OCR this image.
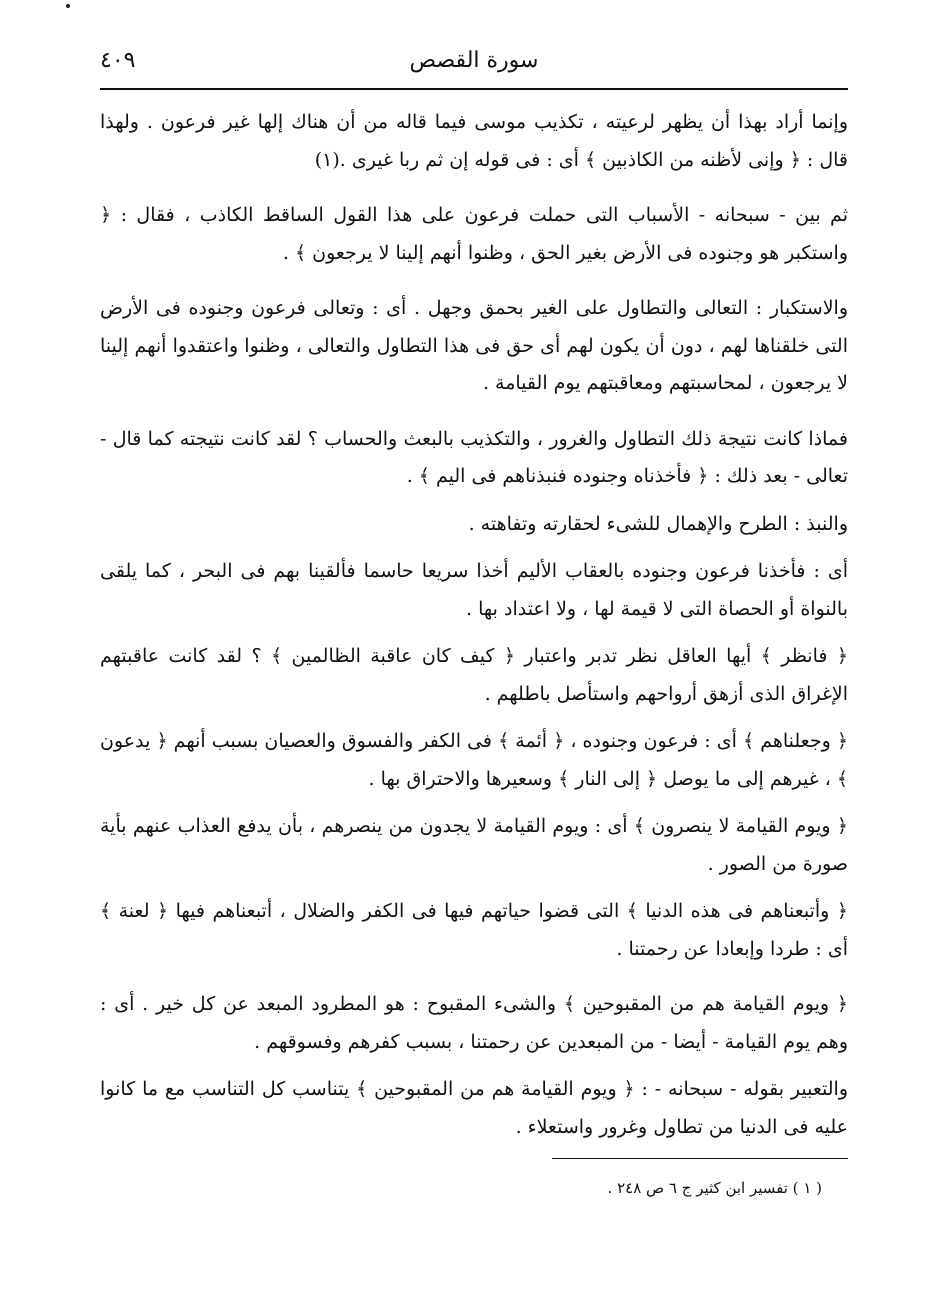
٤٠٩	سورة القصص

وإنما أراد بهذا أن يظهر لرعيته ، تكذيب موسى فيما قاله من أن هناك إلها غير فرعون . ولهذا قال : ﴿ وإنى لأظنه من الكاذبين ﴾ أى : فى قوله إن ثم ربا غيرى .(١)

ثم بين - سبحانه - الأسباب التى حملت فرعون على هذا القول الساقط الكاذب ، فقال : ﴿ واستكبر هو وجنوده فى الأرض بغير الحق ، وظنوا أنهم إلينا لا يرجعون ﴾ .

والاستكبار : التعالى والتطاول على الغير بحمق وجهل . أى : وتعالى فرعون وجنوده فى الأرض التى خلقناها لهم ، دون أن يكون لهم أى حق فى هذا التطاول والتعالى ، وظنوا واعتقدوا أنهم إلينا لا يرجعون ، لمحاسبتهم ومعاقبتهم يوم القيامة .

فماذا كانت نتيجة ذلك التطاول والغرور ، والتكذيب بالبعث والحساب ؟ لقد كانت نتيجته كما قال - تعالى - بعد ذلك : ﴿ فأخذناه وجنوده فنبذناهم فى اليم ﴾ .

والنبذ : الطرح والإهمال للشىء لحقارته وتفاهته .

أى : فأخذنا فرعون وجنوده بالعقاب الأليم أخذا سريعا حاسما فألقينا بهم فى البحر ، كما يلقى بالنواة أو الحصاة التى لا قيمة لها ، ولا اعتداد بها .

﴿ فانظر ﴾ أيها العاقل نظر تدبر واعتبار ﴿ كيف كان عاقبة الظالمين ﴾ ؟ لقد كانت عاقبتهم الإغراق الذى أزهق أرواحهم واستأصل باطلهم .

﴿ وجعلناهم ﴾ أى : فرعون وجنوده ، ﴿ أئمة ﴾ فى الكفر والفسوق والعصيان بسبب أنهم ﴿ يدعون ﴾ ، غيرهم إلى ما يوصل ﴿ إلى النار ﴾ وسعيرها والاحتراق بها .

﴿ ويوم القيامة لا ينصرون ﴾ أى : ويوم القيامة لا يجدون من ينصرهم ، بأن يدفع العذاب عنهم بأية صورة من الصور .

﴿ وأتبعناهم فى هذه الدنيا ﴾ التى قضوا حياتهم فيها فى الكفر والضلال ، أتبعناهم فيها ﴿ لعنة ﴾ أى : طردا وإبعادا عن رحمتنا .

﴿ ويوم القيامة هم من المقبوحين ﴾ والشىء المقبوح : هو المطرود المبعد عن كل خير . أى : وهم يوم القيامة - أيضا - من المبعدين عن رحمتنا ، بسبب كفرهم وفسوقهم .

والتعبير بقوله - سبحانه - : ﴿ ويوم القيامة هم من المقبوحين ﴾ يتناسب كل التناسب مع ما كانوا عليه فى الدنيا من تطاول وغرور واستعلاء .

( ١ ) تفسير ابن كثير ج ٦ ص ٢٤٨ .
